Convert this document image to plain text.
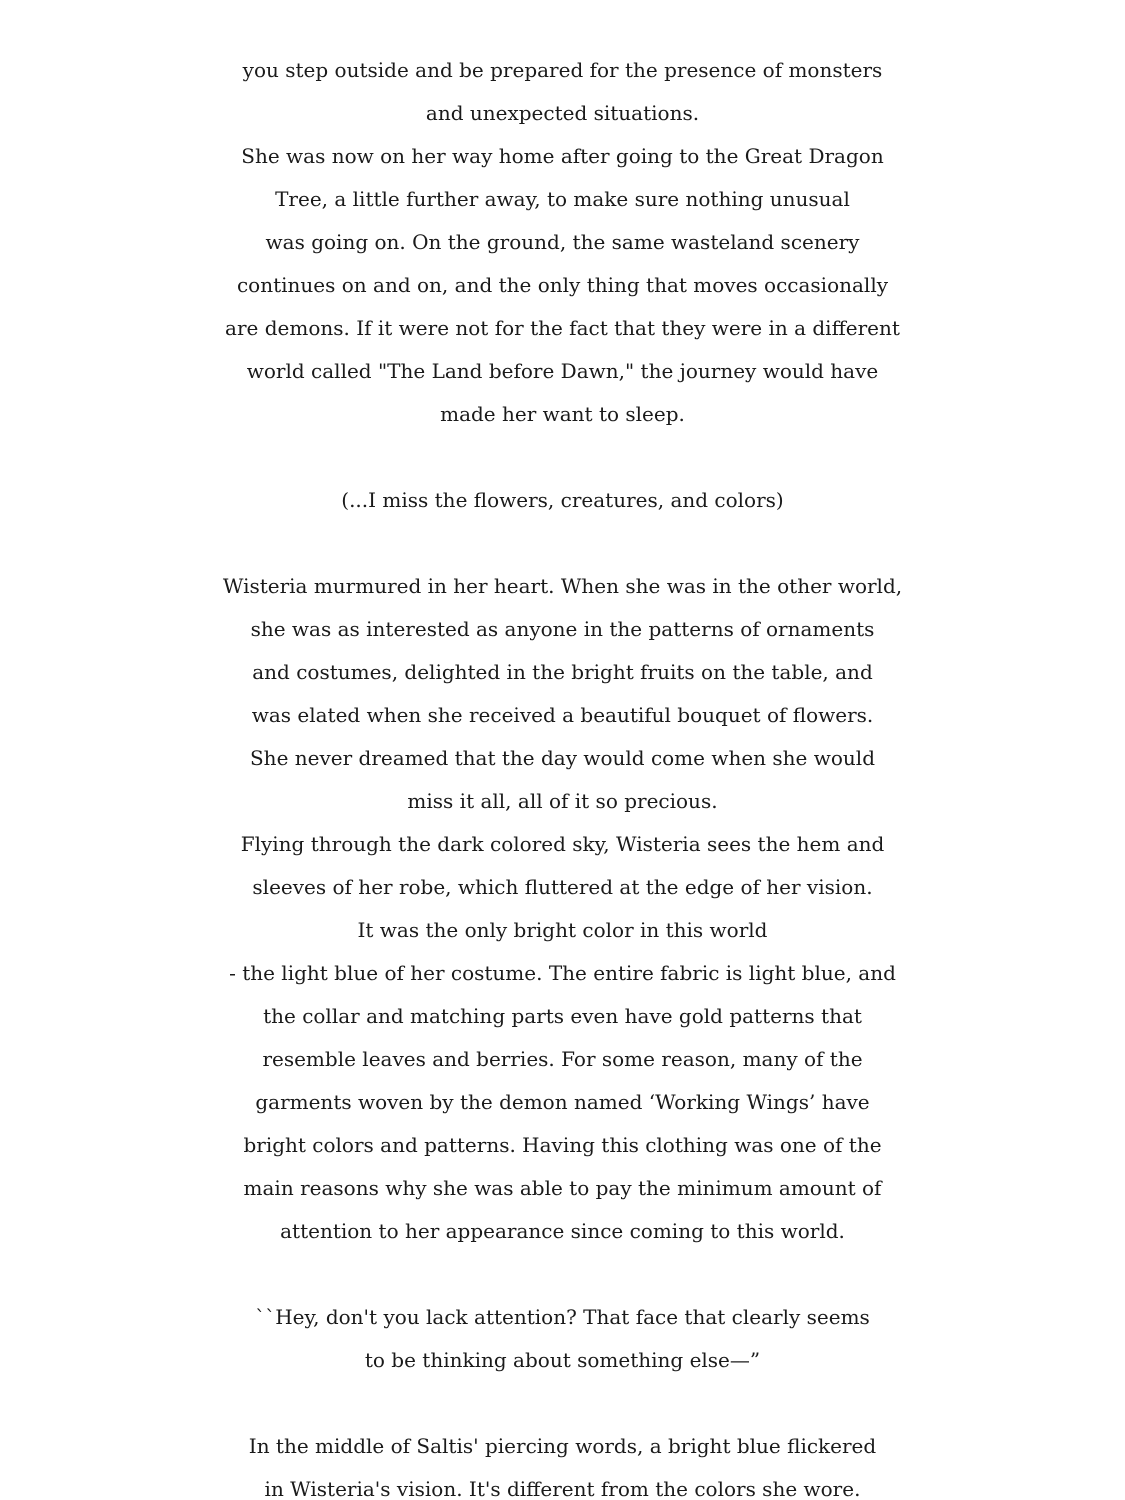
you step outside and be prepared for the presence of monsters
and unexpected situations.
She was now on her way home after going to the Great Dragon
Tree, a little further away, to make sure nothing unusual
was going on. On the ground, the same wasteland scenery
continues on and on, and the only thing that moves occasionally
are demons. If it were not for the fact that they were in a different
world called "The Land before Dawn," the journey would have
made her want to sleep.
(...I miss the flowers, creatures, and colors)
Wisteria murmured in her heart. When she was in the other world,
she was as interested as anyone in the patterns of ornaments
and costumes, delighted in the bright fruits on the table, and
was elated when she received a beautiful bouquet of flowers.
She never dreamed that the day would come when she would
miss it all, all of it so precious.
Flying through the dark colored sky, Wisteria sees the hem and
sleeves of her robe, which fluttered at the edge of her vision.
It was the only bright color in this world
- the light blue of her costume. The entire fabric is light blue, and
the collar and matching parts even have gold patterns that
resemble leaves and berries. For some reason, many of the
garments woven by the demon named ‘Working Wings’ have
bright colors and patterns. Having this clothing was one of the
main reasons why she was able to pay the minimum amount of
attention to her appearance since coming to this world.
``Hey, don't you lack attention? That face that clearly seems
to be thinking about something else—”
In the middle of Saltis' piercing words, a bright blue flickered
in Wisteria's vision. It's different from the colors she wore.
